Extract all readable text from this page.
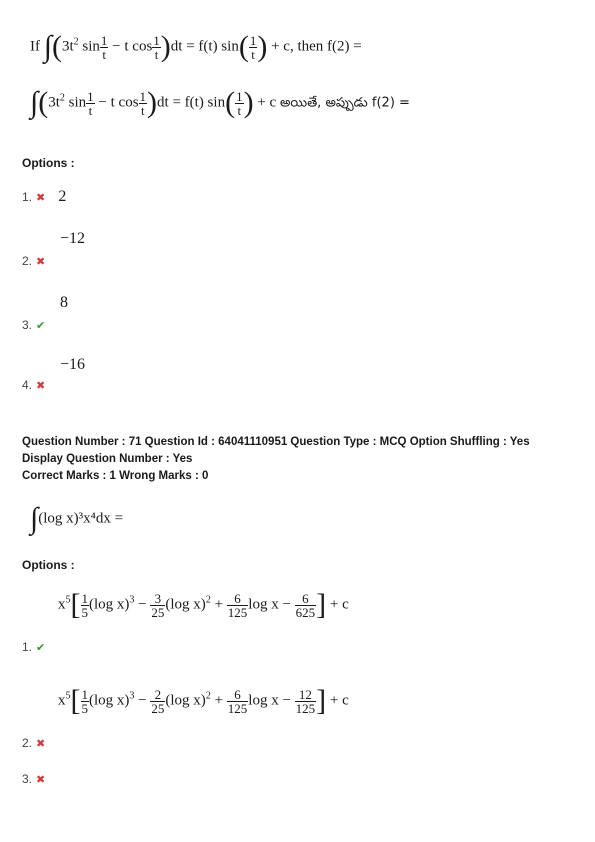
If $\int(3t^2$ $\sin \frac{1}{t} - t$ $\cos \frac{1}{t} )dt = f(t)$ $\sin( \frac{1}{t}$ ) + c, then f(2) =
$\int(3t^2$ $\sin \frac{1}{t} - t$ $\cos \frac{1}{t} )dt = f(t)$ $\sin( \frac{1}{t}$ ) + c అయితే, అప్పుడు f(2) =
Options :
1. ✖ 2
−12
2. ✖
8
3. ✔
−16
4. ✖
Question Number : 71 Question Id : 64041110951 Question Type : MCQ Option Shuffling : Yes
Display Question Number : Yes
Correct Marks : 1 Wrong Marks : 0
∫(log x)³x⁴dx =
Options :
$x^5[ \frac{1}{5} (\log$ $x)^3 - \frac{3}{25} (\log$ $x)^2 + \frac{6}{125}$ $\log x - \frac{6}{625}$ ] + c
1. ✔
$x^5[ \frac{1}{5} (\log$ $x)^3 - \frac{2}{25} (\log$ $x)^2 + \frac{6}{125}$ $\log x - \frac{12}{125}$ ] + c
2. ✖
3. ✖
